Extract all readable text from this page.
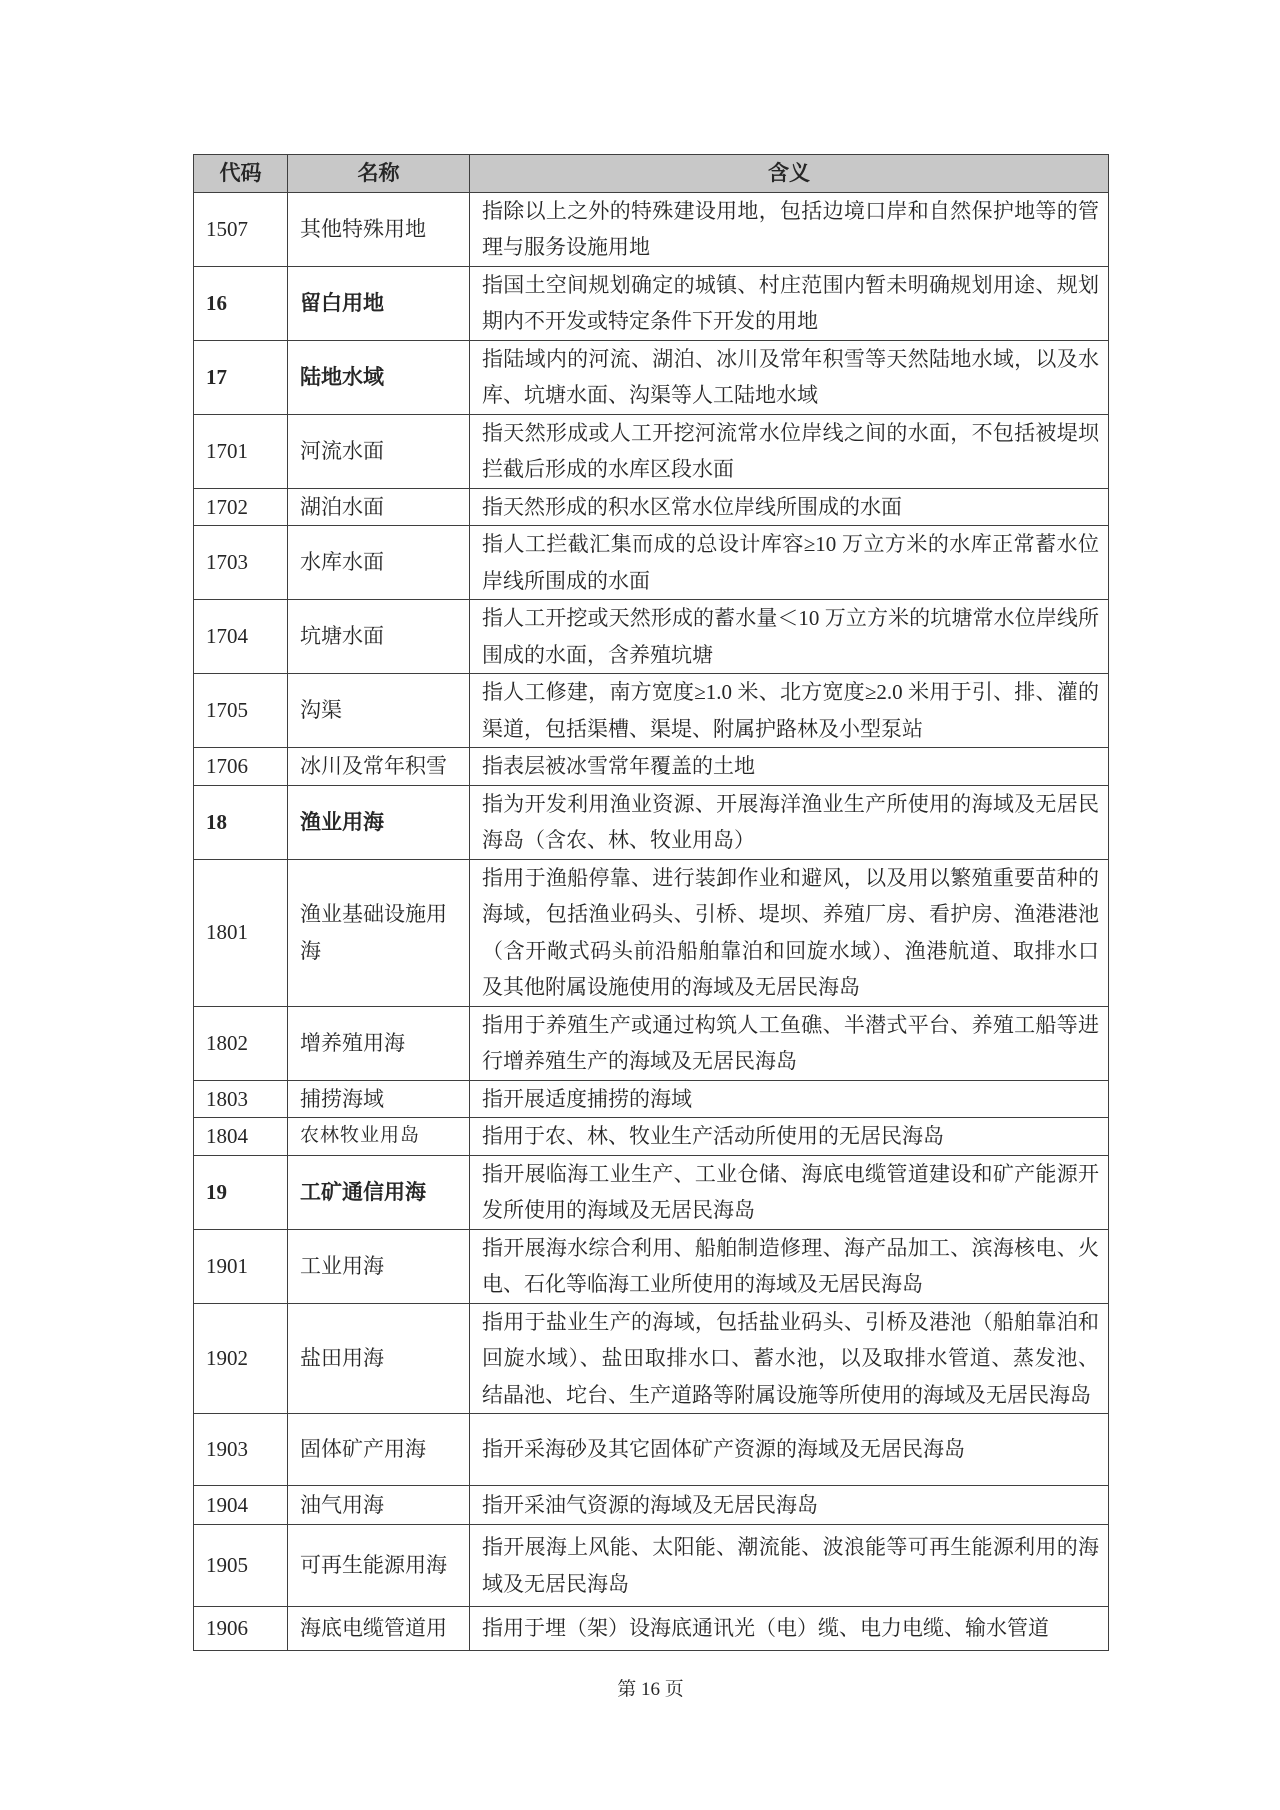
代码	名称	含义
1507	其他特殊用地	指除以上之外的特殊建设用地，包括边境口岸和自然保护地等的管理与服务设施用地
16	留白用地	指国土空间规划确定的城镇、村庄范围内暂未明确规划用途、规划期内不开发或特定条件下开发的用地
17	陆地水域	指陆域内的河流、湖泊、冰川及常年积雪等天然陆地水域，以及水库、坑塘水面、沟渠等人工陆地水域
1701	河流水面	指天然形成或人工开挖河流常水位岸线之间的水面，不包括被堤坝拦截后形成的水库区段水面
1702	湖泊水面	指天然形成的积水区常水位岸线所围成的水面
1703	水库水面	指人工拦截汇集而成的总设计库容≥10 万立方米的水库正常蓄水位岸线所围成的水面
1704	坑塘水面	指人工开挖或天然形成的蓄水量＜10 万立方米的坑塘常水位岸线所围成的水面，含养殖坑塘
1705	沟渠	指人工修建，南方宽度≥1.0 米、北方宽度≥2.0 米用于引、排、灌的渠道，包括渠槽、渠堤、附属护路林及小型泵站
1706	冰川及常年积雪	指表层被冰雪常年覆盖的土地
18	渔业用海	指为开发利用渔业资源、开展海洋渔业生产所使用的海域及无居民海岛（含农、林、牧业用岛）
1801	渔业基础设施用海	指用于渔船停靠、进行装卸作业和避风，以及用以繁殖重要苗种的海域，包括渔业码头、引桥、堤坝、养殖厂房、看护房、渔港港池（含开敞式码头前沿船舶靠泊和回旋水域）、渔港航道、取排水口及其他附属设施使用的海域及无居民海岛
1802	增养殖用海	指用于养殖生产或通过构筑人工鱼礁、半潜式平台、养殖工船等进行增养殖生产的海域及无居民海岛
1803	捕捞海域	指开展适度捕捞的海域
1804	农林牧业用岛	指用于农、林、牧业生产活动所使用的无居民海岛
19	工矿通信用海	指开展临海工业生产、工业仓储、海底电缆管道建设和矿产能源开发所使用的海域及无居民海岛
1901	工业用海	指开展海水综合利用、船舶制造修理、海产品加工、滨海核电、火电、石化等临海工业所使用的海域及无居民海岛
1902	盐田用海	指用于盐业生产的海域，包括盐业码头、引桥及港池（船舶靠泊和回旋水域）、盐田取排水口、蓄水池，以及取排水管道、蒸发池、结晶池、坨台、生产道路等附属设施等所使用的海域及无居民海岛
1903	固体矿产用海	指开采海砂及其它固体矿产资源的海域及无居民海岛
1904	油气用海	指开采油气资源的海域及无居民海岛
1905	可再生能源用海	指开展海上风能、太阳能、潮流能、波浪能等可再生能源利用的海域及无居民海岛
1906	海底电缆管道用	指用于埋（架）设海底通讯光（电）缆、电力电缆、输水管道
第 16 页
